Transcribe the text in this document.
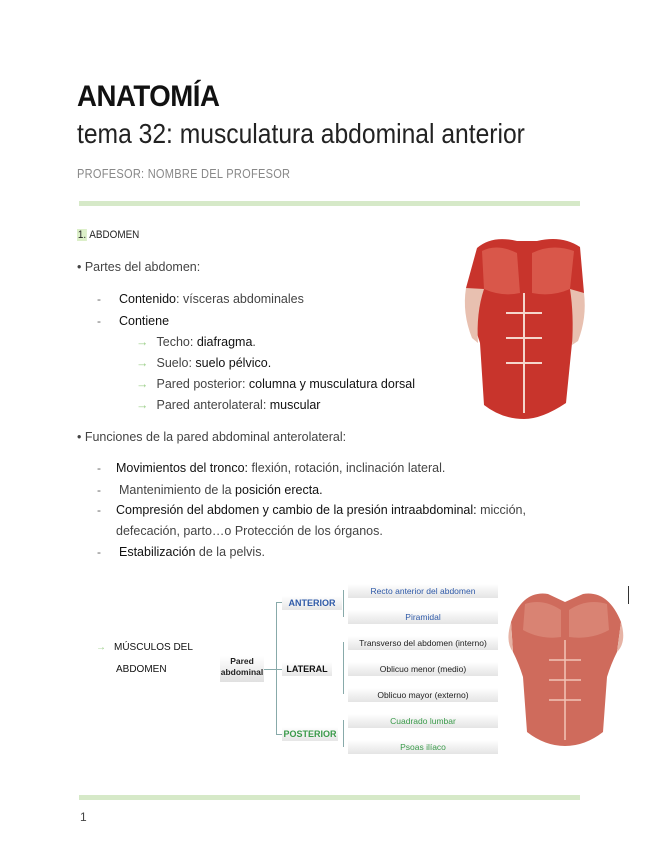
ANATOMÍA
tema 32: musculatura abdominal anterior
PROFESOR: NOMBRE DEL PROFESOR
1. ABDOMEN
• Partes del abdomen:
- Contenido: vísceras abdominales
- Contiene
→ Techo: diafragma.
→ Suelo: suelo pélvico.
→ Pared posterior: columna y musculatura dorsal
→ Pared anterolateral: muscular
• Funciones de la pared abdominal anterolateral:
- Movimientos del tronco: flexión, rotación, inclinación lateral.
- Mantenimiento de la posición erecta.
- Compresión del abdomen y cambio de la presión intraabdominal: micción,
defecación, parto…o Protección de los órganos.
- Estabilización de la pelvis.
→ MÚSCULOS DEL
ABDOMEN
Pared
abdominal
ANTERIOR
LATERAL
POSTERIOR
Recto anterior del abdomen
Piramidal
Transverso del abdomen (interno)
Oblicuo menor (medio)
Oblicuo mayor (externo)
Cuadrado lumbar
Psoas ilíaco
1
